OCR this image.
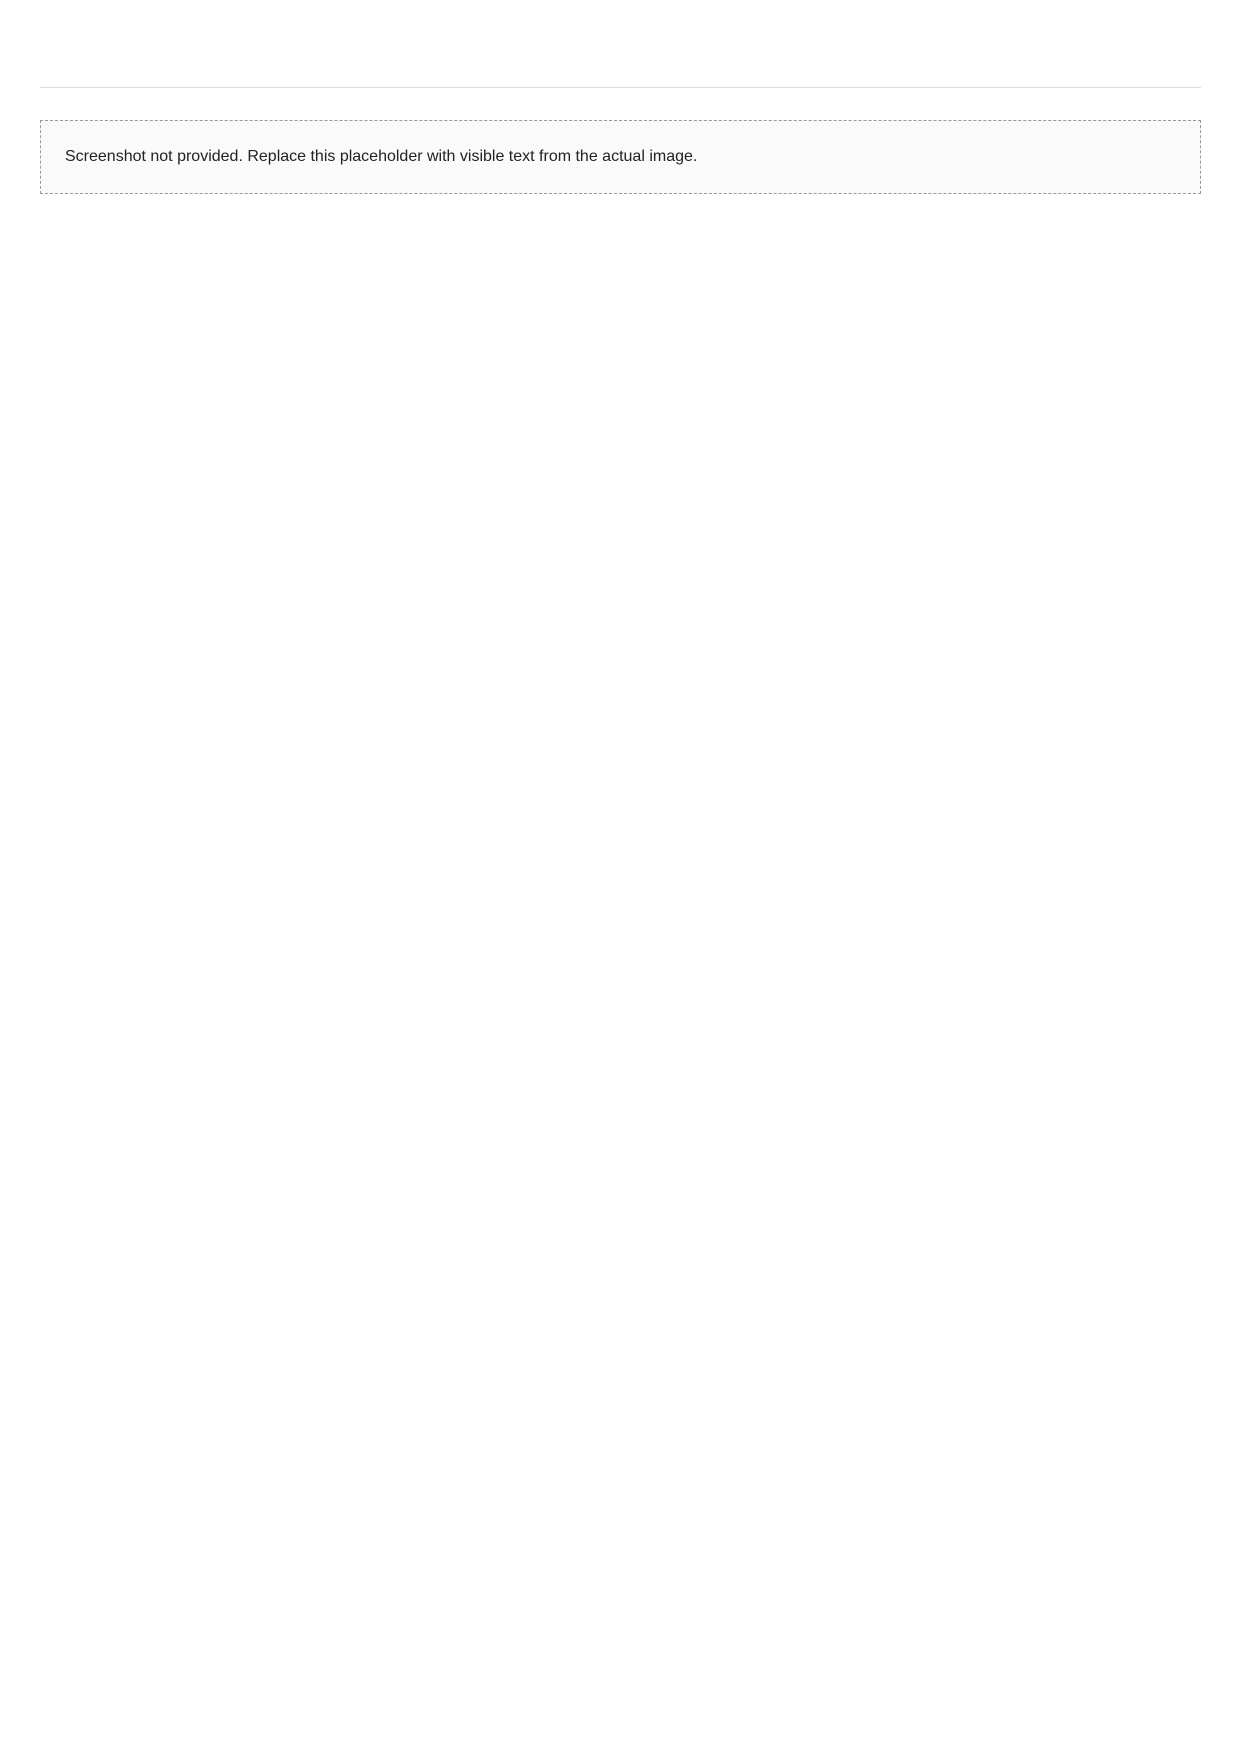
Screenshot not provided. Replace this placeholder with visible text from the actual image.
